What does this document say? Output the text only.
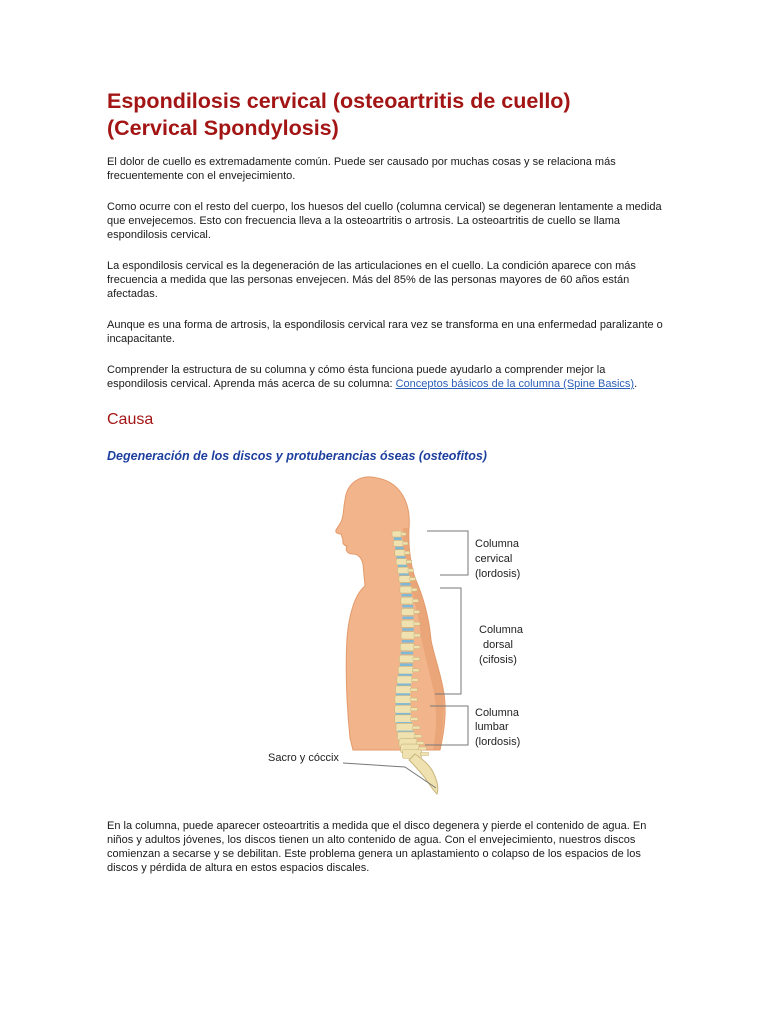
Espondilosis cervical (osteoartritis de cuello)
(Cervical Spondylosis)

El dolor de cuello es extremadamente común. Puede ser causado por muchas cosas y se relaciona más frecuentemente con el envejecimiento.

Como ocurre con el resto del cuerpo, los huesos del cuello (columna cervical) se degeneran lentamente a medida que envejecemos. Esto con frecuencia lleva a la osteoartritis o artrosis. La osteoartritis de cuello se llama espondilosis cervical.

La espondilosis cervical es la degeneración de las articulaciones en el cuello. La condición aparece con más frecuencia a medida que las personas envejecen. Más del 85% de las personas mayores de 60 años están afectadas.

Aunque es una forma de artrosis, la espondilosis cervical rara vez se transforma en una enfermedad paralizante o incapacitante.

Comprender la estructura de su columna y cómo ésta funciona puede ayudarlo a comprender mejor la espondilosis cervical. Aprenda más acerca de su columna: Conceptos básicos de la columna (Spine Basics).

Causa
Degeneración de los discos y protuberancias óseas (osteofitos)
Columna
cervical
(lordosis)
Columna
dorsal
(cifosis)
Columna
lumbar
(lordosis)
Sacro y cóccix

En la columna, puede aparecer osteoartritis a medida que el disco degenera y pierde el contenido de agua. En niños y adultos jóvenes, los discos tienen un alto contenido de agua. Con el envejecimiento, nuestros discos comienzan a secarse y se debilitan. Este problema genera un aplastamiento o colapso de los espacios de los discos y pérdida de altura en estos espacios discales.
